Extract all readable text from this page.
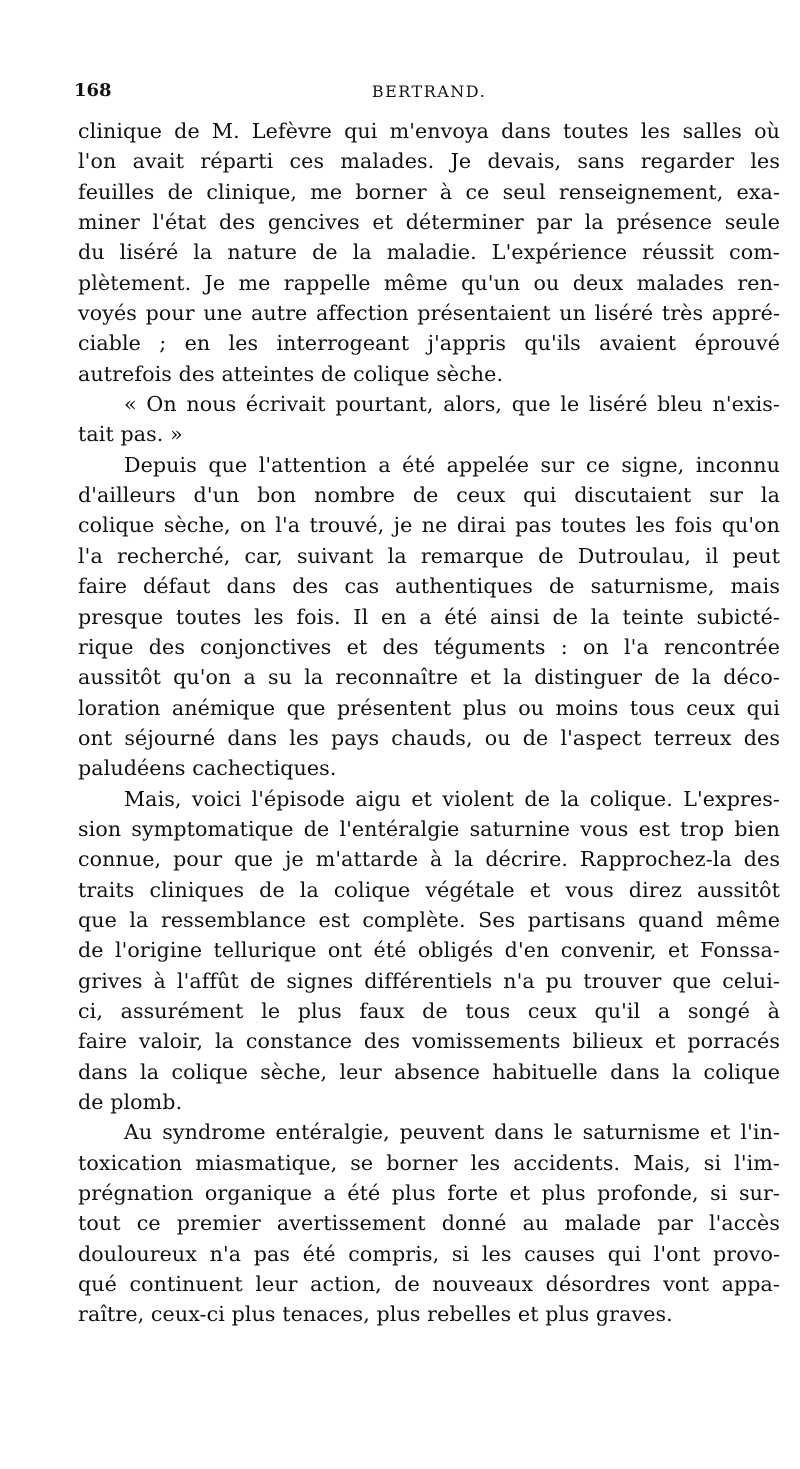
168	BERTRAND.
clinique de M. Lefèvre qui m'envoya dans toutes les salles où
l'on avait réparti ces malades. Je devais, sans regarder les
feuilles de clinique, me borner à ce seul renseignement, exa-
miner l'état des gencives et déterminer par la présence seule
du liséré la nature de la maladie. L'expérience réussit com-
plètement. Je me rappelle même qu'un ou deux malades ren-
voyés pour une autre affection présentaient un liséré très appré-
ciable ; en les interrogeant j'appris qu'ils avaient éprouvé
autrefois des atteintes de colique sèche.
« On nous écrivait pourtant, alors, que le liséré bleu n'exis-
tait pas. »
Depuis que l'attention a été appelée sur ce signe, inconnu
d'ailleurs d'un bon nombre de ceux qui discutaient sur la
colique sèche, on l'a trouvé, je ne dirai pas toutes les fois qu'on
l'a recherché, car, suivant la remarque de Dutroulau, il peut
faire défaut dans des cas authentiques de saturnisme, mais
presque toutes les fois. Il en a été ainsi de la teinte subicté-
rique des conjonctives et des téguments : on l'a rencontrée
aussitôt qu'on a su la reconnaître et la distinguer de la déco-
loration anémique que présentent plus ou moins tous ceux qui
ont séjourné dans les pays chauds, ou de l'aspect terreux des
paludéens cachectiques.
Mais, voici l'épisode aigu et violent de la colique. L'expres-
sion symptomatique de l'entéralgie saturnine vous est trop bien
connue, pour que je m'attarde à la décrire. Rapprochez-la des
traits cliniques de la colique végétale et vous direz aussitôt
que la ressemblance est complète. Ses partisans quand même
de l'origine tellurique ont été obligés d'en convenir, et Fonssa-
grives à l'affût de signes différentiels n'a pu trouver que celui-
ci, assurément le plus faux de tous ceux qu'il a songé à
faire valoir, la constance des vomissements bilieux et porracés
dans la colique sèche, leur absence habituelle dans la colique
de plomb.
Au syndrome entéralgie, peuvent dans le saturnisme et l'in-
toxication miasmatique, se borner les accidents. Mais, si l'im-
prégnation organique a été plus forte et plus profonde, si sur-
tout ce premier avertissement donné au malade par l'accès
douloureux n'a pas été compris, si les causes qui l'ont provo-
qué continuent leur action, de nouveaux désordres vont appa-
raître, ceux-ci plus tenaces, plus rebelles et plus graves.
